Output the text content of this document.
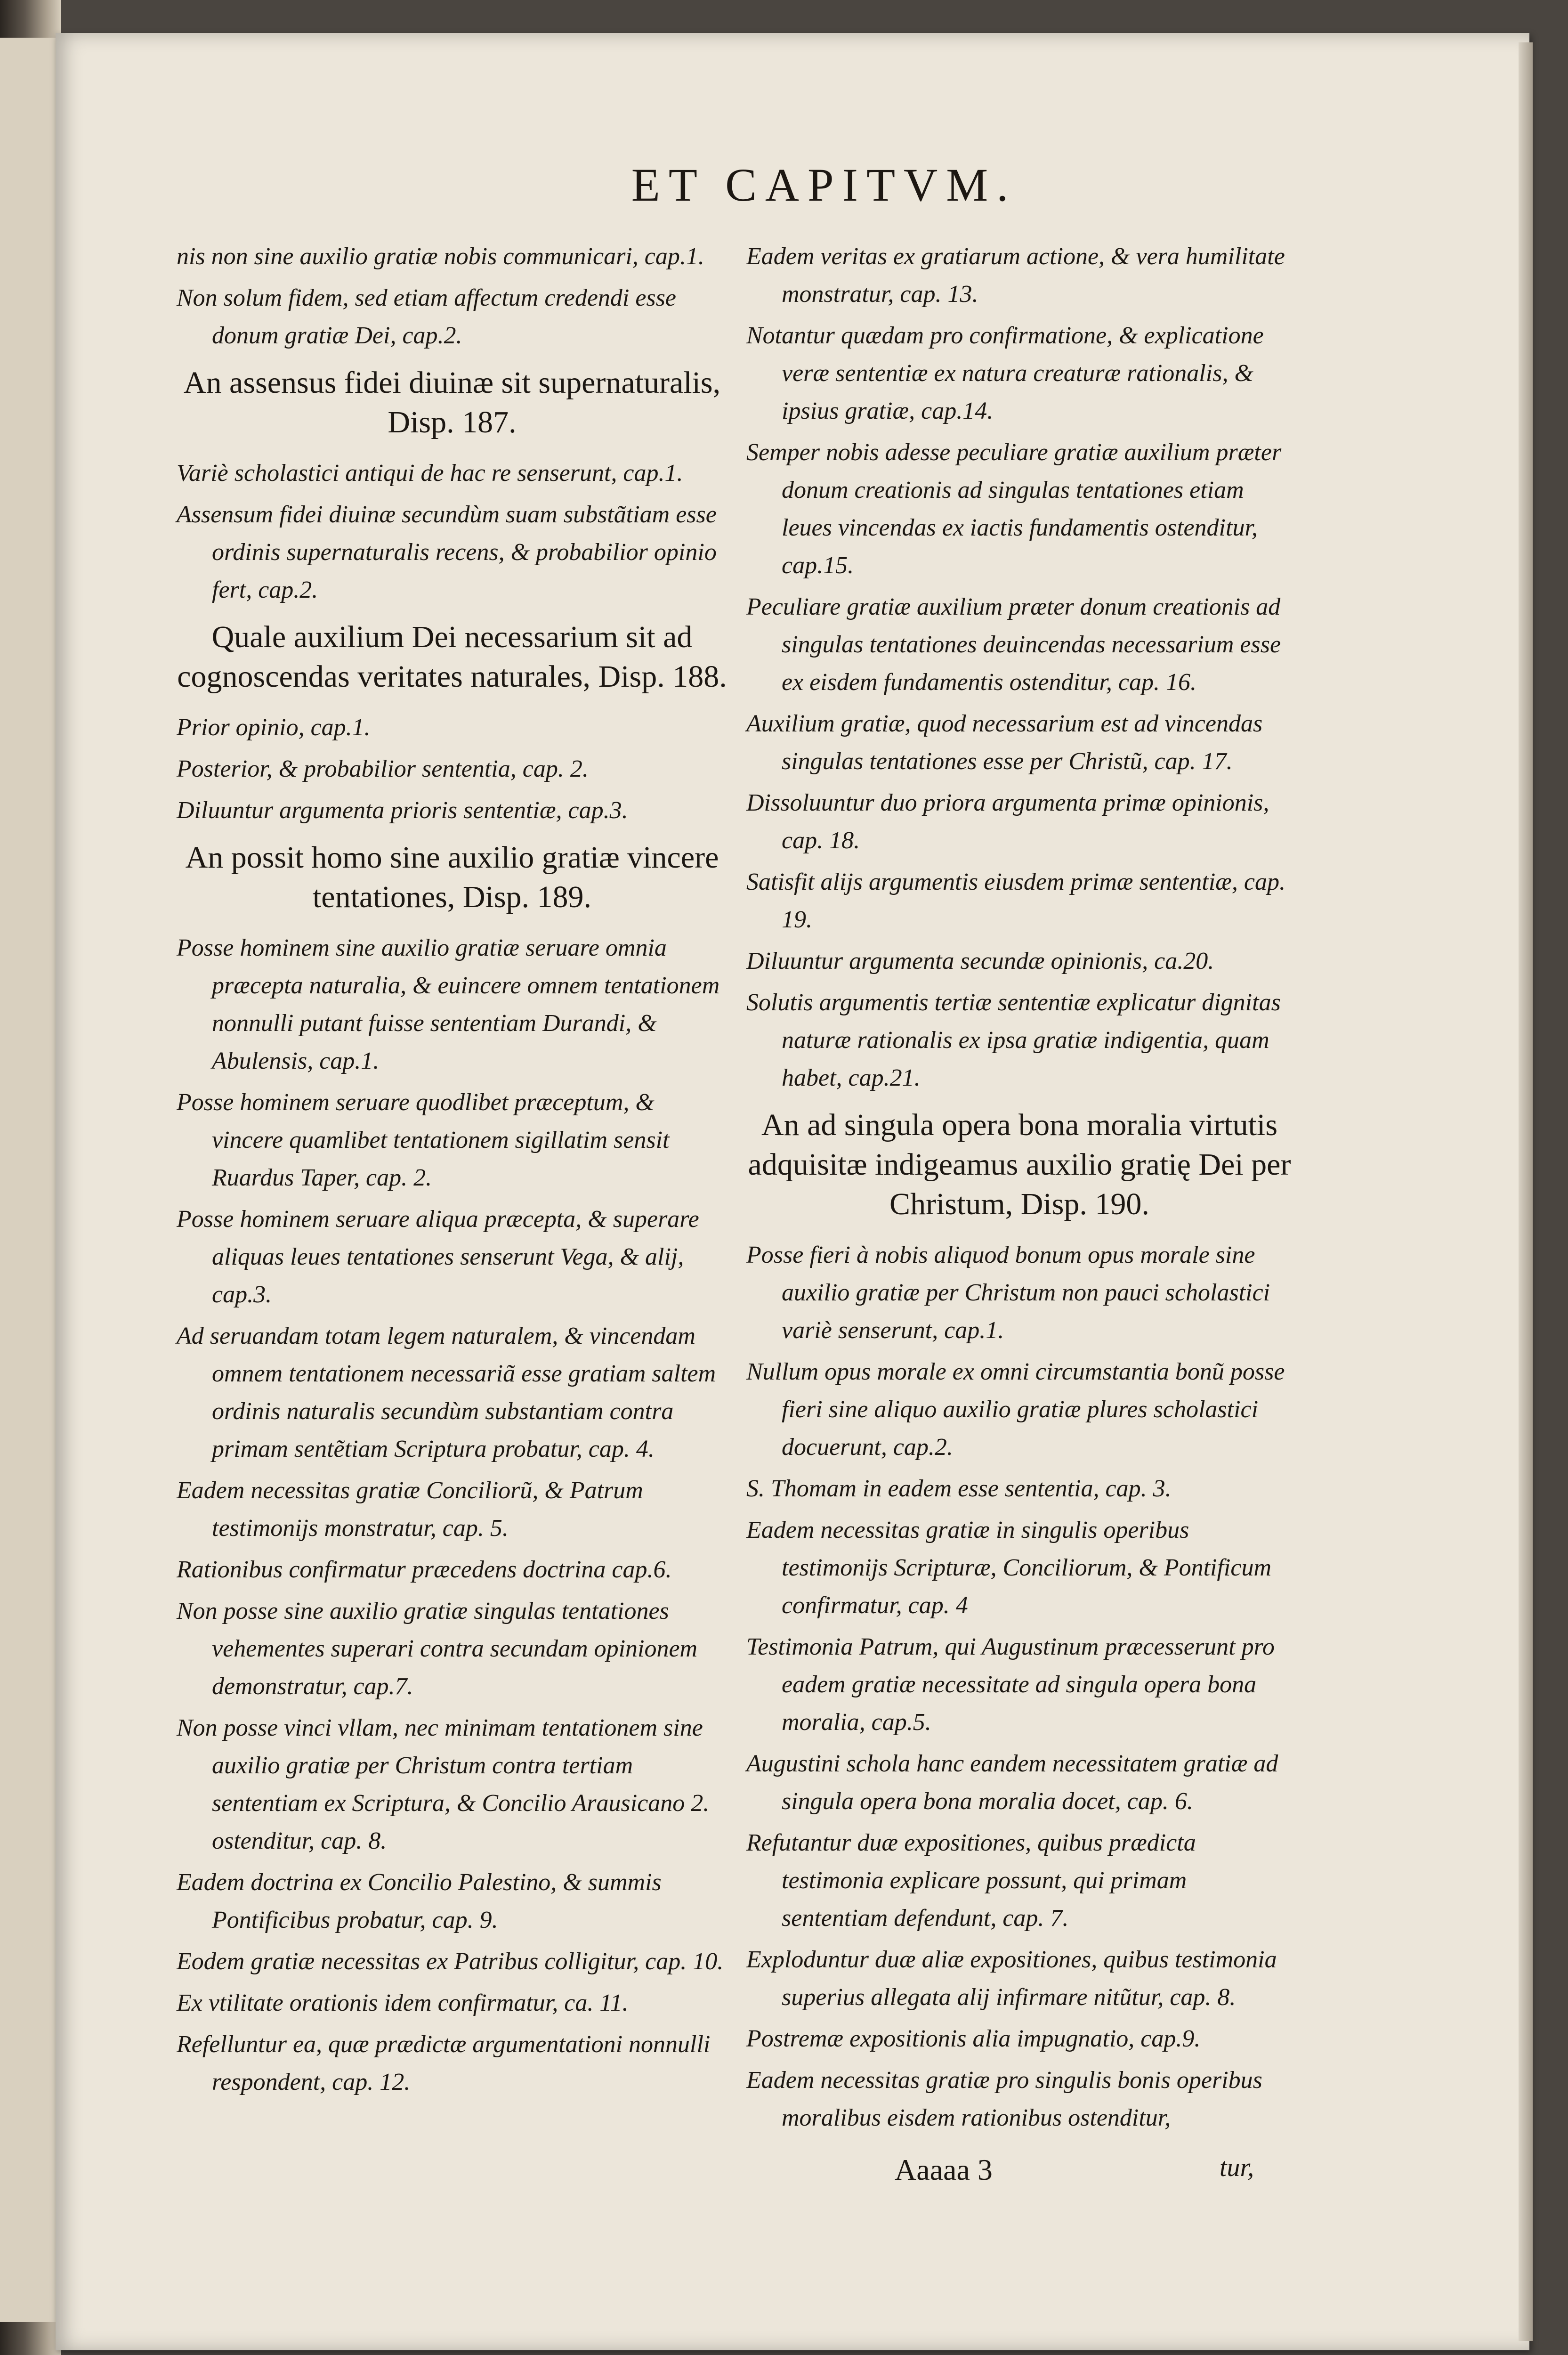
ET CAPITVM.

nis non sine auxilio gratiæ nobis communicari, cap.1.

Non solum fidem, sed etiam affectum credendi esse donum gratiæ Dei, cap.2.

An assensus fidei diuinæ sit supernaturalis, Disp. 187.

Variè scholastici antiqui de hac re senserunt, cap.1.

Assensum fidei diuinæ secundùm suam substãtiam esse ordinis supernaturalis recens, & probabilior opinio fert, cap.2.

Quale auxilium Dei necessarium sit ad cognoscendas veritates naturales, Disp. 188.

Prior opinio, cap.1.

Posterior, & probabilior sententia, cap. 2.

Diluuntur argumenta prioris sententiæ, cap.3.

An possit homo sine auxilio gratiæ vincere tentationes, Disp. 189.

Posse hominem sine auxilio gratiæ seruare omnia præcepta naturalia, & euincere omnem tentationem nonnulli putant fuisse sententiam Durandi, & Abulensis, cap.1.

Posse hominem seruare quodlibet præceptum, & vincere quamlibet tentationem sigillatim sensit Ruardus Taper, cap. 2.

Posse hominem seruare aliqua præcepta, & superare aliquas leues tentationes senserunt Vega, & alij, cap.3.

Ad seruandam totam legem naturalem, & vincendam omnem tentationem necessariã esse gratiam saltem ordinis naturalis secundùm substantiam contra primam sentẽtiam Scriptura probatur, cap. 4.

Eadem necessitas gratiæ Conciliorũ, & Patrum testimonijs monstratur, cap. 5.

Rationibus confirmatur præcedens doctrina cap.6.

Non posse sine auxilio gratiæ singulas tentationes vehementes superari contra secundam opinionem demonstratur, cap.7.

Non posse vinci vllam, nec minimam tentationem sine auxilio gratiæ per Christum contra tertiam sententiam ex Scriptura, & Concilio Arausicano 2. ostenditur, cap. 8.

Eadem doctrina ex Concilio Palestino, & summis Pontificibus probatur, cap. 9.

Eodem gratiæ necessitas ex Patribus colligitur, cap. 10.

Ex vtilitate orationis idem confirmatur, ca. 11.

Refelluntur ea, quæ prædictæ argumentationi nonnulli respondent, cap. 12.

Eadem veritas ex gratiarum actione, & vera humilitate monstratur, cap. 13.

Notantur quædam pro confirmatione, & explicatione veræ sententiæ ex natura creaturæ rationalis, & ipsius gratiæ, cap.14.

Semper nobis adesse peculiare gratiæ auxilium præter donum creationis ad singulas tentationes etiam leues vincendas ex iactis fundamentis ostenditur, cap.15.

Peculiare gratiæ auxilium præter donum creationis ad singulas tentationes deuincendas necessarium esse ex eisdem fundamentis ostenditur, cap. 16.

Auxilium gratiæ, quod necessarium est ad vincendas singulas tentationes esse per Christũ, cap. 17.

Dissoluuntur duo priora argumenta primæ opinionis, cap. 18.

Satisfit alijs argumentis eiusdem primæ sententiæ, cap. 19.

Diluuntur argumenta secundæ opinionis, ca.20.

Solutis argumentis tertiæ sententiæ explicatur dignitas naturæ rationalis ex ipsa gratiæ indigentia, quam habet, cap.21.

An ad singula opera bona moralia virtutis adquisitæ indigeamus auxilio gratię Dei per Christum, Disp. 190.

Posse fieri à nobis aliquod bonum opus morale sine auxilio gratiæ per Christum non pauci scholastici variè senserunt, cap.1.

Nullum opus morale ex omni circumstantia bonũ posse fieri sine aliquo auxilio gratiæ plures scholastici docuerunt, cap.2.

S. Thomam in eadem esse sententia, cap. 3.

Eadem necessitas gratiæ in singulis operibus testimonijs Scripturæ, Conciliorum, & Pontificum confirmatur, cap. 4

Testimonia Patrum, qui Augustinum præcesserunt pro eadem gratiæ necessitate ad singula opera bona moralia, cap.5.

Augustini schola hanc eandem necessitatem gratiæ ad singula opera bona moralia docet, cap. 6.

Refutantur duæ expositiones, quibus prædicta testimonia explicare possunt, qui primam sententiam defendunt, cap. 7.

Exploduntur duæ aliæ expositiones, quibus testimonia superius allegata alij infirmare nitũtur, cap. 8.

Postremæ expositionis alia impugnatio, cap.9.

Eadem necessitas gratiæ pro singulis bonis operibus moralibus eisdem rationibus ostenditur,

Aaaaa 3	tur,
